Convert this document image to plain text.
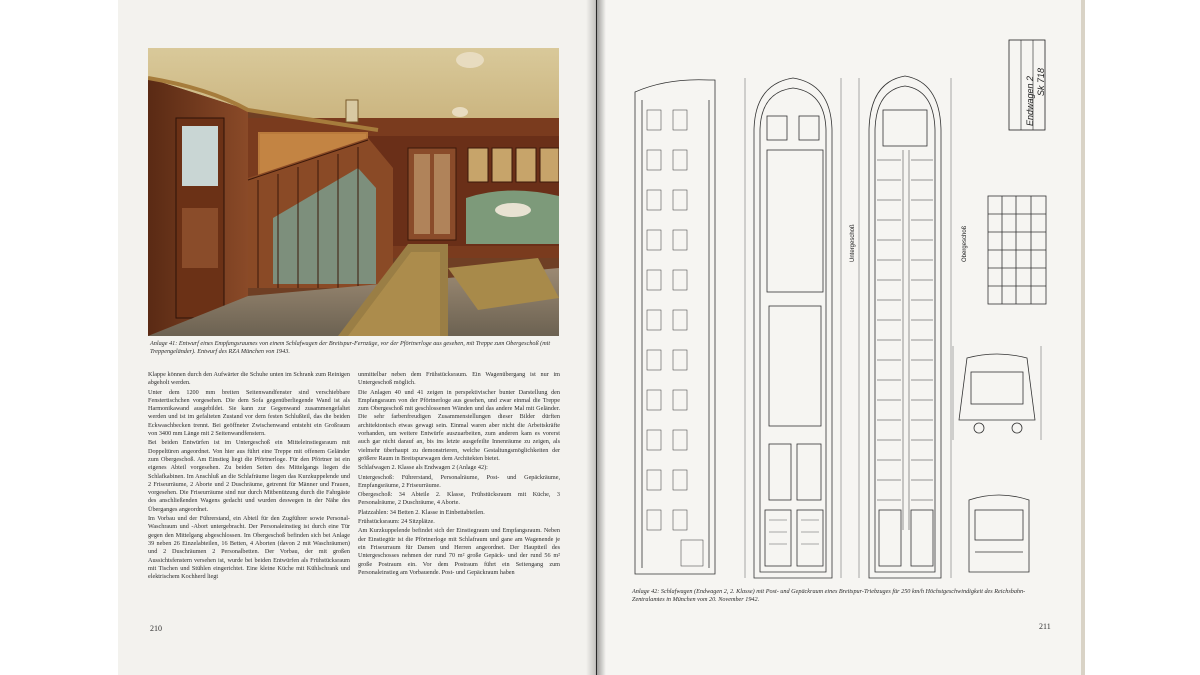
Anlage 41: Entwurf eines Empfangsraumes von einem Schlafwagen der Breitspur-Fernzüge, vor der Pförtnerloge aus gesehen, mit Treppe zum Obergeschoß (mit Treppengeländer). Entwurf des RZA München von 1943.

Klappe können durch den Aufwärter die Schuhe unten im Schrank zum Reinigen abgeholt werden.

Unter dem 1200 mm breiten Seitenwandfenster sind verschiebbare Fenstertischchen vorgesehen. Die dem Sofa gegenüberliegende Wand ist als Harmonikawand ausgebildet. Sie kann zur Gegenwand zusammengefaltet werden und ist im gefalteten Zustand vor dem festen Schlußteil, das die beiden Eckwaschbecken trennt. Bei geöffneter Zwischenwand entsteht ein Großraum von 3400 mm Länge mit 2 Seitenwandfenstern.

Bei beiden Entwürfen ist im Untergeschoß ein Mitteleinstiegsraum mit Doppeltüren angeordnet. Von hier aus führt eine Treppe mit offenem Geländer zum Obergeschoß. Am Einstieg liegt die Pförtnerloge. Für den Pförtner ist ein eigenes Abteil vorgesehen. Zu beiden Seiten des Mittelgangs liegen die Schlafkabinen. Im Anschluß an die Schlafräume liegen das Kurzkuppelende und 2 Friseurräume, 2 Aborte und 2 Duschräume, getrennt für Männer und Frauen, vorgesehen. Die Friseurräume sind nur durch Mitbenützung durch die Fahrgäste des anschließenden Wagens gedacht und wurden deswegen in der Nähe des Überganges angeordnet.

Im Vorbau und der Führerstand, ein Abteil für den Zugführer sowie Personal-Waschraum und -Abort untergebracht. Der Personaleinstieg ist durch eine Tür gegen den Mittelgang abgeschlossen. Im Obergeschoß befinden sich bei Anlage 39 neben 26 Einzelabteilen, 16 Betten, 4 Aborten (davon 2 mit Waschräumen) und 2 Duschräumen 2 Personalbetten. Der Vorbau, der mit großen Aussichtsfenstern versehen ist, wurde bei beiden Entwürfen als Frühstücksraum mit Tischen und Stühlen eingerichtet. Eine kleine Küche mit Kühlschrank und elektrischem Kochherd liegt

unmittelbar neben dem Frühstücksraum. Ein Wagenübergang ist nur im Untergeschoß möglich.

Die Anlagen 40 und 41 zeigen in perspektivischer bunter Darstellung den Empfangsraum von der Pförtnerloge aus gesehen, und zwar einmal die Treppe zum Obergeschoß mit geschlossenen Wänden und das andere Mal mit Geländer. Die sehr farbenfreudigen Zusammenstellungen dieser Bilder dürften architektonisch etwas gewagt sein. Einmal waren aber nicht die Arbeitskräfte vorhanden, um weitere Entwürfe auszuarbeiten, zum anderen kam es vorerst auch gar nicht darauf an, bis ins letzte ausgefeilte Innenräume zu zeigen, als vielmehr überhaupt zu demonstrieren, welche Gestaltungsmöglichkeiten der größere Raum in Breitspurwagen dem Architekten bietet.

Schlafwagen 2. Klasse als Endwagen 2 (Anlage 42):

Untergeschoß: Führerstand, Personalräume, Post- und Gepäckräume, Empfangsräume, 2 Friseurräume.

Obergeschoß: 34 Abteile 2. Klasse, Frühstücksraum mit Küche, 3 Personalräume, 2 Duschräume, 4 Aborte.

Platzzahlen: 34 Betten 2. Klasse in Einbettabteilen.

Frühstücksraum: 24 Sitzplätze.

Am Kurzkuppelende befindet sich der Einstiegraum und Empfangsraum. Neben der Einstiegtür ist die Pförtnerloge mit Schlafraum und gane am Wagenende je ein Friseurraum für Damen und Herren angeordnet. Der Hauptteil des Untergeschosses nehmen der rund 70 m² große Gepäck- und der rund 56 m² große Postraum ein. Vor dem Postraum führt ein Seitengang zum Personaleinstieg am Vorbauende. Post- und Gepäckraum haben

210
Untergeschoß	Obergeschoß
Endwagen 2 Sk 718
Anlage 42: Schlafwagen (Endwagen 2, 2. Klasse) mit Post- und Gepäckraum eines Breitspur-Triebzuges für 250 km/h Höchstgeschwindigkeit des Reichsbahn-Zentralamtes in München vom 20. November 1942.
211
